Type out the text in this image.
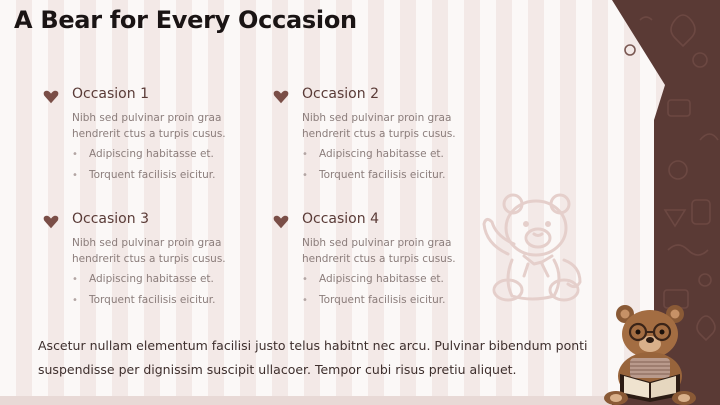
A Bear for Every Occasion
Occasion 1
Nibh sed pulvinar proin graa hendrerit ctus a turpis cusus.
• Adipiscing habitasse et.
• Torquent facilisis eicitur.
Occasion 2
Nibh sed pulvinar proin graa hendrerit ctus a turpis cusus.
• Adipiscing habitasse et.
• Torquent facilisis eicitur.
Occasion 3
Nibh sed pulvinar proin graa hendrerit ctus a turpis cusus.
• Adipiscing habitasse et.
• Torquent facilisis eicitur.
Occasion 4
Nibh sed pulvinar proin graa hendrerit ctus a turpis cusus.
• Adipiscing habitasse et.
• Torquent facilisis eicitur.

Ascetur nullam elementum facilisi justo telus habitnt nec arcu. Pulvinar bibendum ponti suspendisse per dignissim suscipit ullacoer. Tempor cubi risus pretiu aliquet.
